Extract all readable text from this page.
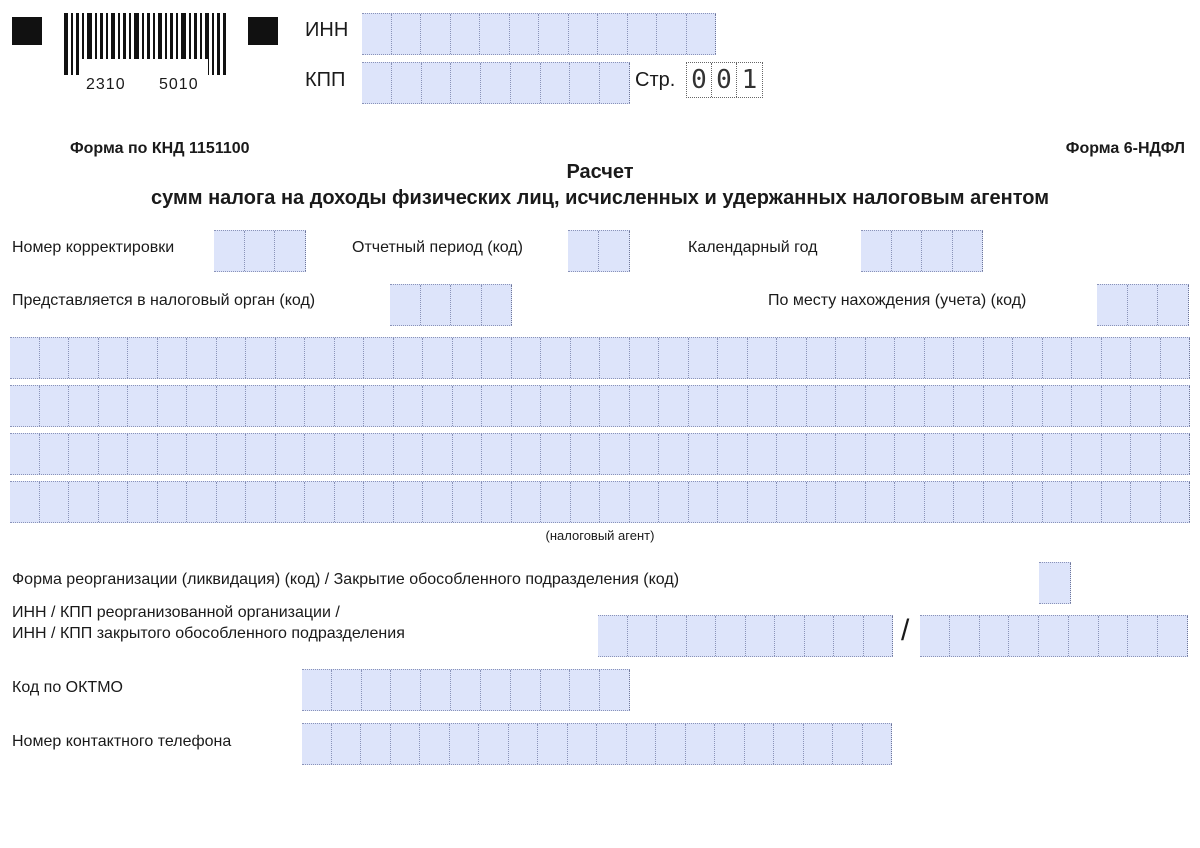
2310 5010
ИНН
КПП	Стр. 0 0 1
Форма по КНД 1151100	Форма 6-НДФЛ
Расчет
сумм налога на доходы физических лиц, исчисленных и удержанных налоговым агентом
Номер корректировки	Отчетный период (код)	Календарный год
Представляется в налоговый орган (код)	По месту нахождения (учета) (код)
(налоговый агент)
Форма реорганизации (ликвидация) (код) / Закрытие обособленного подразделения (код)
ИНН / КПП реорганизованной организации /
ИНН / КПП закрытого обособленного подразделения	/
Код по ОКТМО
Номер контактного телефона
